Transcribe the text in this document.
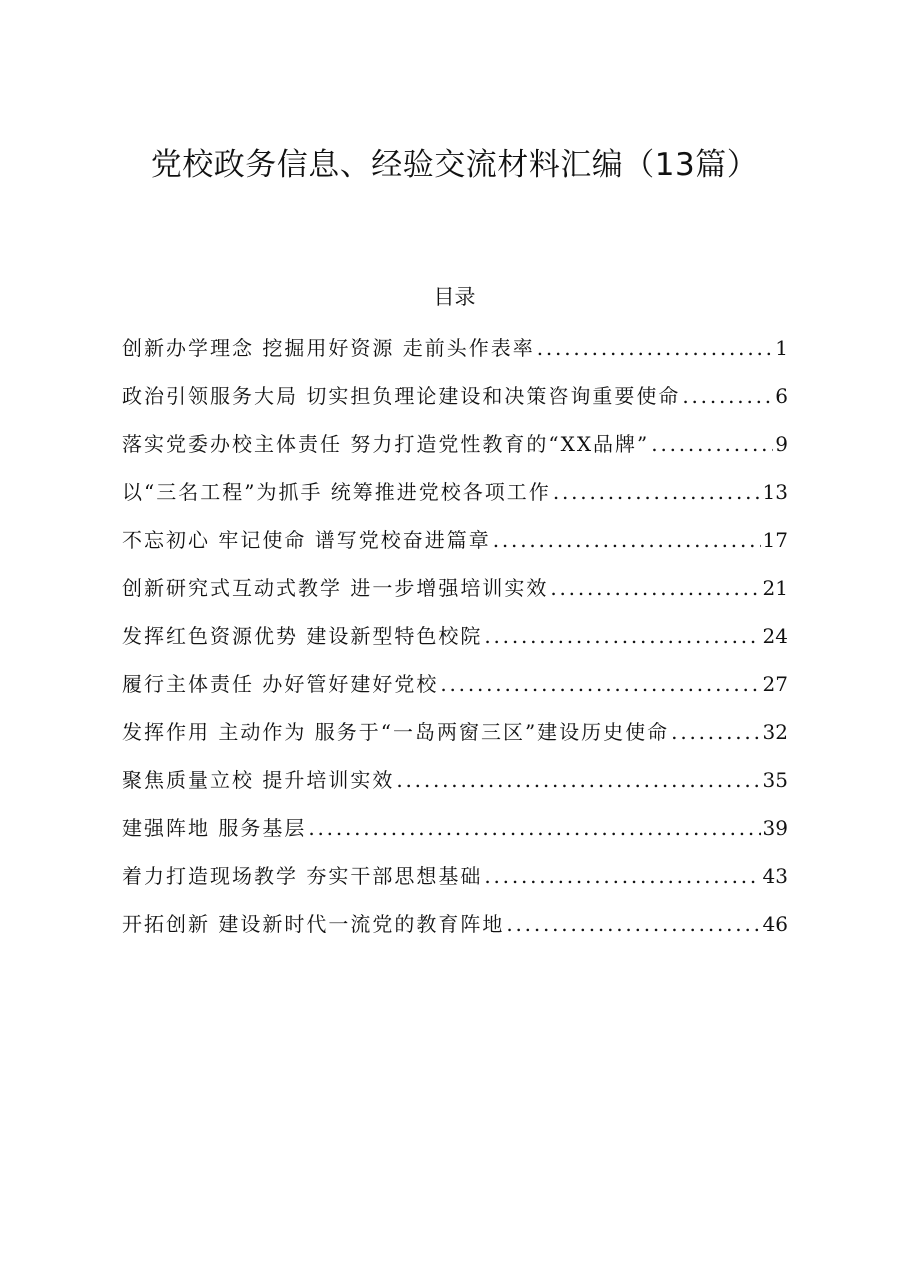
党校政务信息、经验交流材料汇编（13篇）
目录
创新办学理念 挖掘用好资源 走前头作表率 .....	1
政治引领服务大局 切实担负理论建设和决策咨询重要使命 .....	6
落实党委办校主体责任 努力打造党性教育的“XX品牌” .....	9
以“三名工程”为抓手 统筹推进党校各项工作 .....	13
不忘初心 牢记使命 谱写党校奋进篇章 .....	17
创新研究式互动式教学 进一步增强培训实效 .....	21
发挥红色资源优势 建设新型特色校院 .....	24
履行主体责任 办好管好建好党校 .....	27
发挥作用 主动作为 服务于“一岛两窗三区”建设历史使命 .....	32
聚焦质量立校 提升培训实效 .....	35
建强阵地 服务基层 .....	39
着力打造现场教学 夯实干部思想基础 .....	43
开拓创新 建设新时代一流党的教育阵地 .....	46
